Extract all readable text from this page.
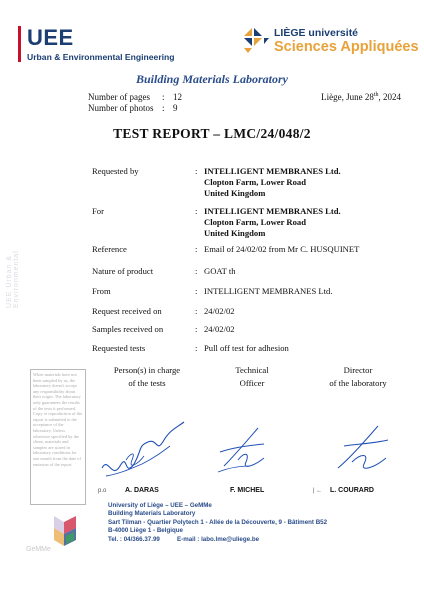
UEE
Urban & Environmental Engineering
LIÈGE université
Sciences Appliquées
Building Materials Laboratory
Number of pages : 12
Number of photos : 9
Liège, June 28th, 2024
TEST REPORT – LMC/24/048/2
UEE Urban & Environmental
Requested by	: INTELLIGENT MEMBRANES Ltd.
Clopton Farm, Lower Road
United Kingdom
For	: INTELLIGENT MEMBRANES Ltd.
Clopton Farm, Lower Road
United Kingdom
Reference	: Email of 24/02/02 from Mr C. HUSQUINET
Nature of product	: GOAT th
From	: INTELLIGENT MEMBRANES Ltd.
Request received on	: 24/02/02
Samples received on	: 24/02/02
Requested tests	: Pull off test for adhesion
When materials have not been sampled by us, the laboratory doesn't accept any responsibility about their origin. The laboratory only guarantees the results of the tests it performed. Copy or reproduction of the report is submitted to the acceptance of the laboratory. Unless otherwise specified by the client, materials and samples are stored in laboratory conditions for one month from the date of emission of the report.
Person(s) in charge
of the tests
Technical
Officer
Director
of the laboratory
p.o	A. DARAS	F. MICHEL	| ← L. COURARD
GeMMe
University of Liège – UEE – GeMMe
Building Materials Laboratory
Sart Tilman - Quartier Polytech 1 - Allée de la Découverte, 9 - Bâtiment B52
B-4000 Liège 1 - Belgique
Tel. : 04/366.37.99          E-mail : labo.lme@uliege.be
